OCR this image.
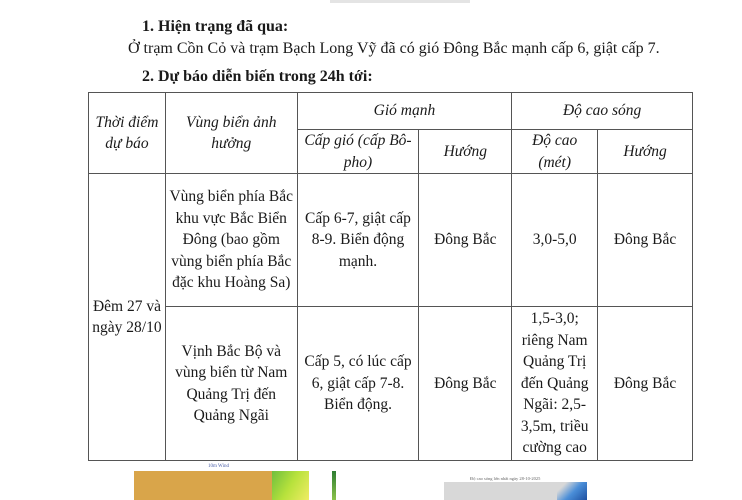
1. Hiện trạng đã qua:
Ở trạm Cồn Cỏ và trạm Bạch Long Vỹ đã có gió Đông Bắc mạnh cấp 6, giật cấp 7.
2. Dự báo diễn biến trong 24h tới:
Thời điểm dự báo	Vùng biển ảnh hưởng	Gió mạnh		Độ cao sóng	
		Cấp gió (cấp Bô-pho)	Hướng	Độ cao (mét)	Hướng
Đêm 27 và ngày 28/10	Vùng biển phía Bắc khu vực Bắc Biển Đông (bao gồm vùng biển phía Bắc đặc khu Hoàng Sa)	Cấp 6-7, giật cấp 8-9. Biển động mạnh.	Đông Bắc	3,0-5,0	Đông Bắc
	Vịnh Bắc Bộ và vùng biển từ Nam Quảng Trị đến Quảng Ngãi	Cấp 5, có lúc cấp 6, giật cấp 7-8. Biển động.	Đông Bắc	1,5-3,0; riêng Nam Quảng Trị đến Quảng Ngãi: 2,5-3,5m, triều cường cao	Đông Bắc
10m Wind
Độ cao sóng lớn nhất ngày 28-10-2025
